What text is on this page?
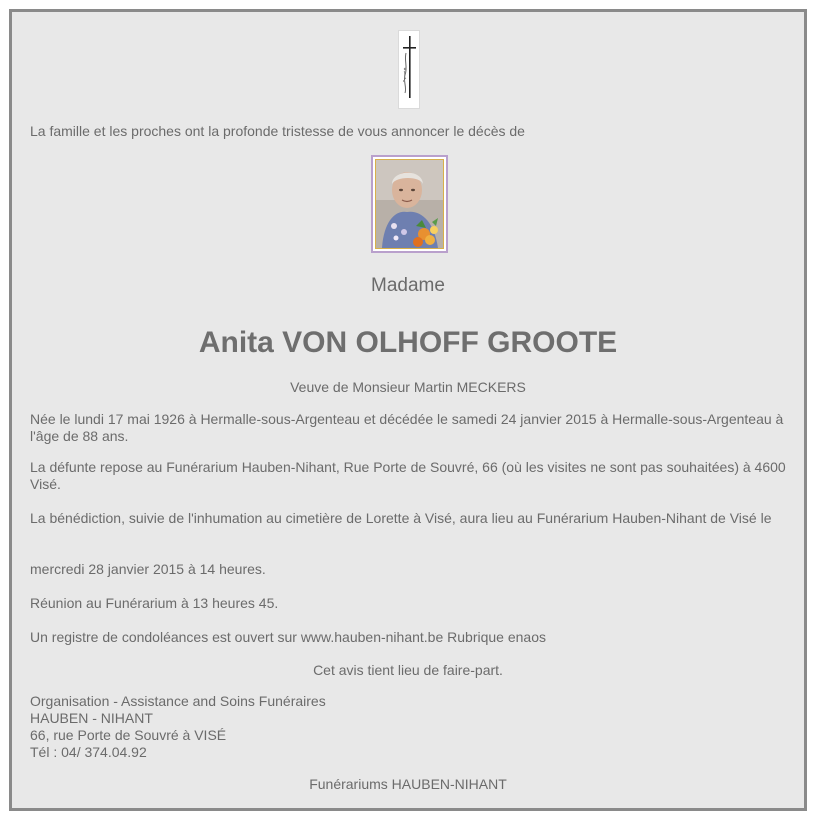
La famille et les proches ont la profonde tristesse de vous annoncer le décès de

Madame

Anita VON OLHOFF GROOTE

Veuve de Monsieur Martin MECKERS

Née le lundi 17 mai 1926 à Hermalle-sous-Argenteau et décédée le samedi 24 janvier 2015 à Hermalle-sous-Argenteau à l'âge de 88 ans.

La défunte repose au Funérarium Hauben-Nihant, Rue Porte de Souvré, 66 (où les visites ne sont pas souhaitées) à 4600 Visé.

La bénédiction, suivie de l'inhumation au cimetière de Lorette à Visé, aura lieu au Funérarium Hauben-Nihant de Visé le

mercredi 28 janvier 2015 à 14 heures.

Réunion au Funérarium à 13 heures 45.

Un registre de condoléances est ouvert sur www.hauben-nihant.be Rubrique enaos

Cet avis tient lieu de faire-part.

Organisation - Assistance and Soins Funéraires

HAUBEN - NIHANT

66, rue Porte de Souvré à VISÉ

Tél : 04/ 374.04.92

Funérariums HAUBEN-NIHANT
